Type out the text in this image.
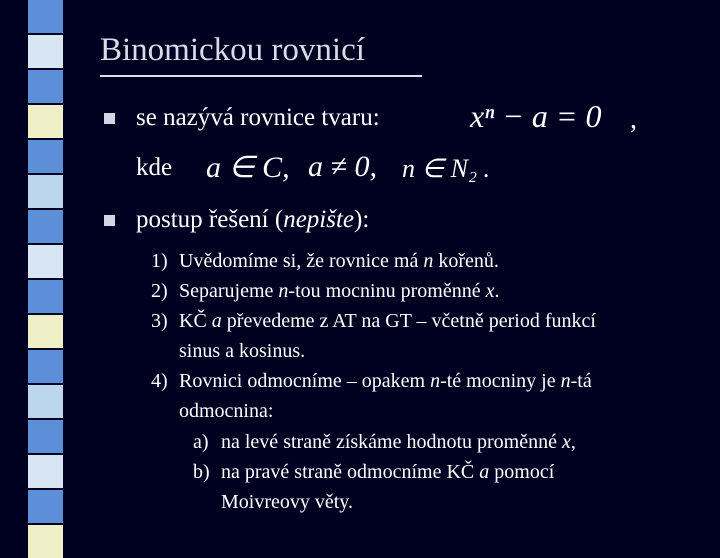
Binomickou rovnicí
se nazývá rovnice tvaru:	xⁿ − a = 0 ,
kde a ∈ C, a ≠ 0, n ∈ N₂ .
postup řešení (nepište):
1) Uvědomíme si, že rovnice má n kořenů.
2) Separujeme n-tou mocninu proměnné x.
3) KČ a převedeme z AT na GT – včetně period funkcí
sinus a kosinus.
4) Rovnici odmocníme – opakem n-té mocniny je n-tá
odmocnina:
a) na levé straně získáme hodnotu proměnné x,
b) na pravé straně odmocníme KČ a pomocí
Moivreovy věty.
